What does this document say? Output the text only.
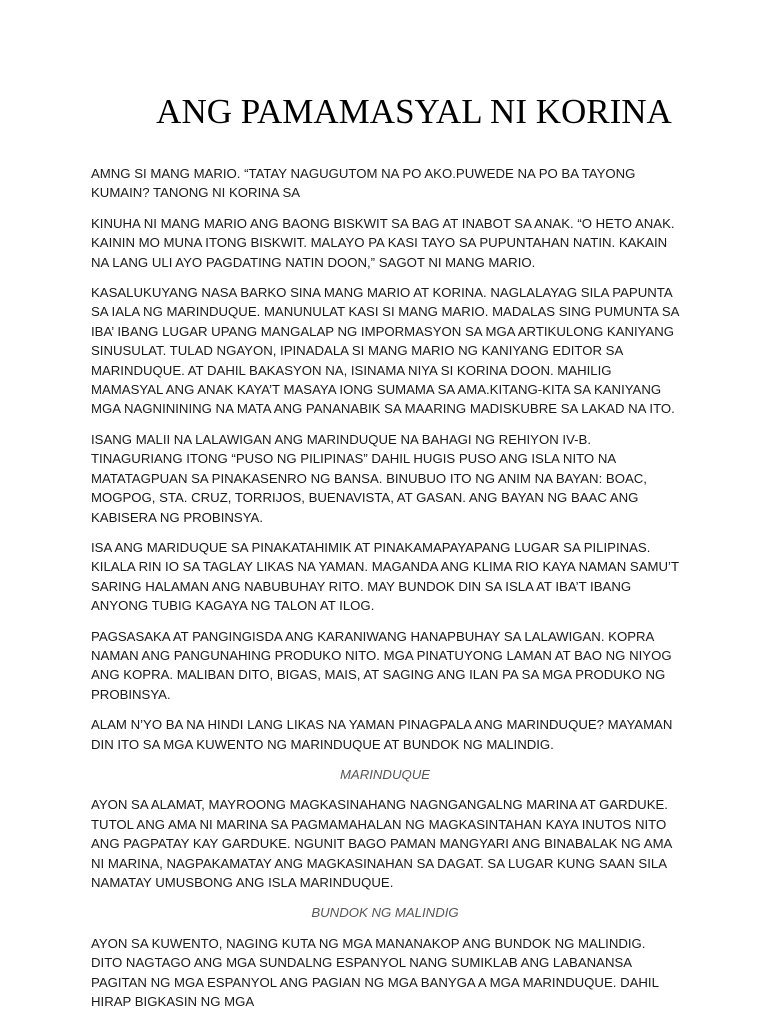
ANG PAMAMASYAL NI KORINA

AMNG SI MANG MARIO. “TATAY NAGUGUTOM NA PO AKO.PUWEDE NA PO BA TAYONG KUMAIN? TANONG NI KORINA SA

KINUHA NI MANG MARIO ANG BAONG BISKWIT SA BAG AT INABOT SA ANAK. “O HETO ANAK. KAININ MO MUNA ITONG BISKWIT. MALAYO PA KASI TAYO SA PUPUNTAHAN NATIN. KAKAIN NA LANG ULI AYO PAGDATING NATIN DOON,” SAGOT NI MANG MARIO.

KASALUKUYANG NASA BARKO SINA MANG MARIO AT KORINA. NAGLALAYAG SILA PAPUNTA SA IALA NG MARINDUQUE. MANUNULAT KASI SI MANG MARIO. MADALAS SING PUMUNTA SA IBA’ IBANG LUGAR UPANG MANGALAP NG IMPORMASYON SA MGA ARTIKULONG KANIYANG SINUSULAT. TULAD NGAYON, IPINADALA SI MANG MARIO NG KANIYANG EDITOR SA MARINDUQUE. AT DAHIL BAKASYON NA, ISINAMA NIYA SI KORINA DOON. MAHILIG MAMASYAL ANG ANAK KAYA’T MASAYA IONG SUMAMA SA AMA.KITANG-KITA SA KANIYANG MGA NAGNININING NA MATA ANG PANANABIK SA MAARING MADISKUBRE SA LAKAD NA ITO.

ISANG MALII NA LALAWIGAN ANG MARINDUQUE NA BAHAGI NG REHIYON IV-B. TINAGURIANG ITONG “PUSO NG PILIPINAS” DAHIL HUGIS PUSO ANG ISLA NITO NA MATATAGPUAN SA PINAKASENRO NG BANSA. BINUBUO ITO NG ANIM NA BAYAN: BOAC, MOGPOG, STA. CRUZ, TORRIJOS, BUENAVISTA, AT GASAN. ANG BAYAN NG BAAC ANG KABISERA NG PROBINSYA.

ISA ANG MARIDUQUE SA PINAKATAHIMIK AT PINAKAMAPAYAPANG LUGAR SA PILIPINAS. KILALA RIN IO SA TAGLAY LIKAS NA YAMAN. MAGANDA ANG KLIMA RIO KAYA NAMAN SAMU’T SARING HALAMAN ANG NABUBUHAY RITO. MAY BUNDOK DIN SA ISLA AT IBA’T IBANG ANYONG TUBIG KAGAYA NG TALON AT ILOG.

PAGSASAKA AT PANGINGISDA ANG KARANIWANG HANAPBUHAY SA LALAWIGAN. KOPRA NAMAN ANG PANGUNAHING PRODUKO NITO. MGA PINATUYONG LAMAN AT BAO NG NIYOG ANG KOPRA. MALIBAN DITO, BIGAS, MAIS, AT SAGING ANG ILAN PA SA MGA PRODUKO NG PROBINSYA.

ALAM N’YO BA NA HINDI LANG LIKAS NA YAMAN PINAGPALA ANG MARINDUQUE? MAYAMAN DIN ITO SA MGA KUWENTO NG MARINDUQUE AT BUNDOK NG MALINDIG.

MARINDUQUE

AYON SA ALAMAT, MAYROONG MAGKASINAHANG NAGNGANGALNG MARINA AT GARDUKE. TUTOL ANG AMA NI MARINA SA PAGMAMAHALAN NG MAGKASINTAHAN KAYA INUTOS NITO ANG PAGPATAY KAY GARDUKE. NGUNIT BAGO PAMAN MANGYARI ANG BINABALAK NG AMA NI MARINA, NAGPAKAMATAY ANG MAGKASINAHAN SA DAGAT. SA LUGAR KUNG SAAN SILA NAMATAY UMUSBONG ANG ISLA MARINDUQUE.

BUNDOK NG MALINDIG

AYON SA KUWENTO, NAGING KUTA NG MGA MANANAKOP ANG BUNDOK NG MALINDIG. DITO NAGTAGO ANG MGA SUNDALNG ESPANYOL NANG SUMIKLAB ANG LABANANSA PAGITAN NG MGA ESPANYOL ANG PAGIAN NG MGA BANYGA A MGA MARINDUQUE. DAHIL HIRAP BIGKASIN NG MGA
